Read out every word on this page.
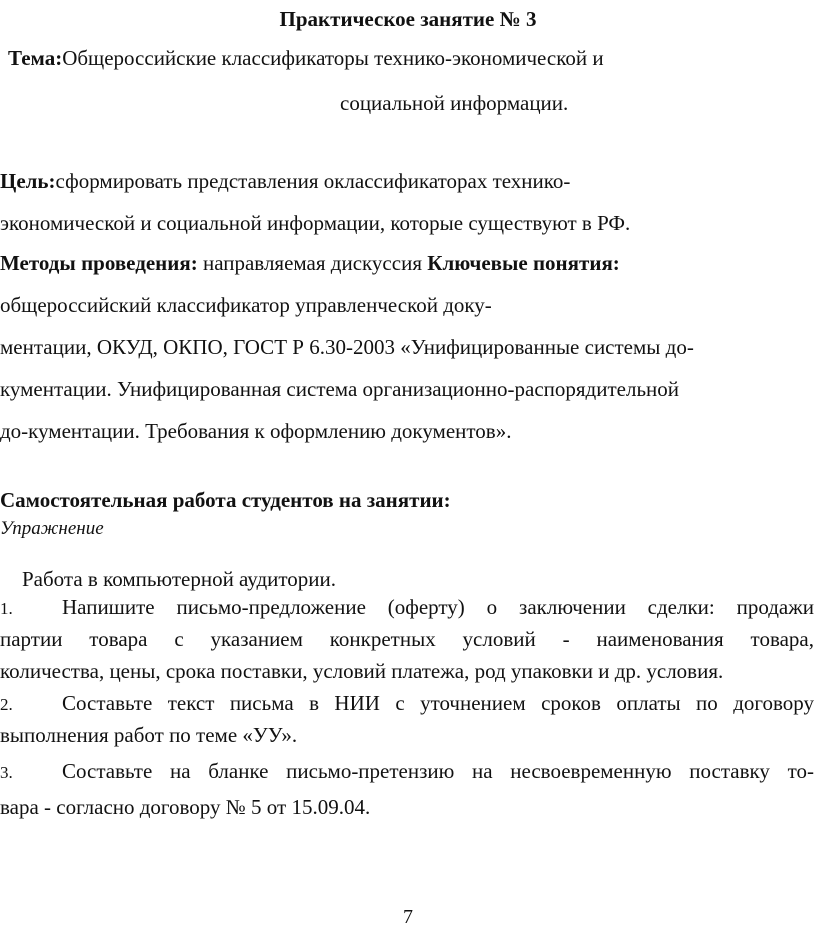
Практическое занятие № 3
Тема:Общероссийские классификаторы технико-экономической и
социальной информации.
Цель:сформировать представления оклассификаторах технико-
экономической и социальной информации, которые существуют в РФ.
Методы проведения: направляемая дискуссия Ключевые понятия:
общероссийский классификатор управленческой доку-
ментации, ОКУД, ОКПО, ГОСТ Р 6.30-2003 «Унифицированные системы до-
кументации. Унифицированная система организационно-распорядительной
до-кументации. Требования к оформлению документов».
Самостоятельная работа студентов на занятии:
Упражнение
Работа в компьютерной аудитории.
1. Напишите письмо-предложение (оферту) о заключении сделки: продажи
партии товара с указанием конкретных условий - наименования товара,
количества, цены, срока поставки, условий платежа, род упаковки и др. условия.
2. Составьте текст письма в НИИ с уточнением сроков оплаты по договору
выполнения работ по теме «УУ».
3. Составьте на бланке письмо-претензию на несвоевременную поставку то-
вара - согласно договору № 5 от 15.09.04.
7
